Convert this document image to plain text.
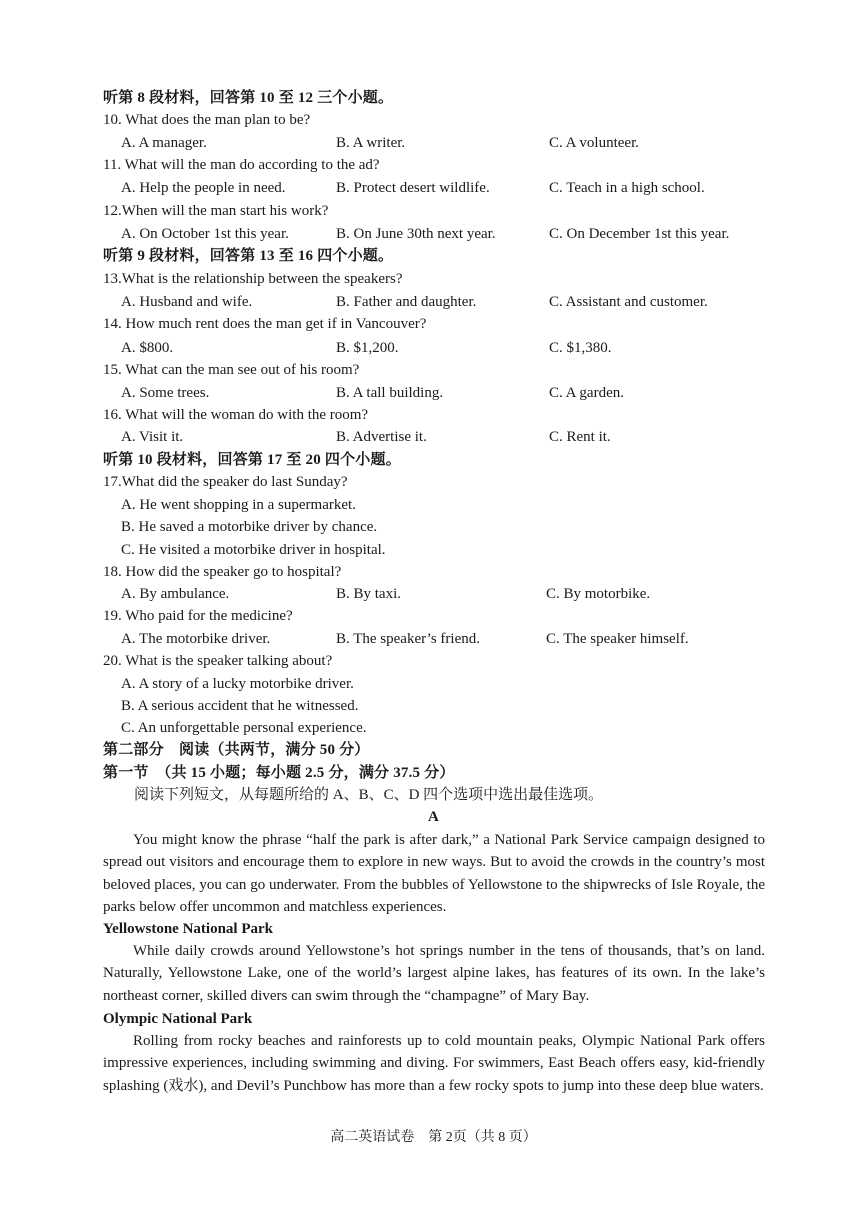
听第 8 段材料，回答第 10 至 12 三个小题。
10. What does the man plan to be?
A. A manager.	B. A writer.	C. A volunteer.
11. What will the man do according to the ad?
A. Help the people in need.	B. Protect desert wildlife.	C. Teach in a high school.
12.When will the man start his work?
A. On October 1st this year.	B. On June 30th next year.	C. On December 1st this year.
听第 9 段材料，回答第 13 至 16 四个小题。
13.What is the relationship between the speakers?
A. Husband and wife.	B. Father and daughter.	C. Assistant and customer.
14. How much rent does the man get if in Vancouver?
A. $800.	B. $1,200.	C. $1,380.
15. What can the man see out of his room?
A. Some trees.	B. A tall building.	C. A garden.
16. What will the woman do with the room?
A. Visit it.	B. Advertise it.	C. Rent it.
听第 10 段材料，回答第 17 至 20 四个小题。
17.What did the speaker do last Sunday?
A. He went shopping in a supermarket.
B. He saved a motorbike driver by chance.
C. He visited a motorbike driver in hospital.
18. How did the speaker go to hospital?
A. By ambulance.	B. By taxi.	C. By motorbike.
19. Who paid for the medicine?
A. The motorbike driver.	B. The speaker’s friend.	C. The speaker himself.
20. What is the speaker talking about?
A. A story of a lucky motorbike driver.
B. A serious accident that he witnessed.
C. An unforgettable personal experience.
第二部分　阅读（共两节，满分 50 分）
第一节　（共 15 小题；每小题 2.5 分，满分 37.5 分）
阅读下列短文，从每题所给的 A、B、C、D 四个选项中选出最佳选项。
A
You might know the phrase “half the park is after dark,” a National Park Service campaign designed to spread out visitors and encourage them to explore in new ways. But to avoid the crowds in the country’s most beloved places, you can go underwater. From the bubbles of Yellowstone to the shipwrecks of Isle Royale, the parks below offer uncommon and matchless experiences.
Yellowstone National Park
While daily crowds around Yellowstone’s hot springs number in the tens of thousands, that’s on land. Naturally, Yellowstone Lake, one of the world’s largest alpine lakes, has features of its own. In the lake’s northeast corner, skilled divers can swim through the “champagne” of Mary Bay.
Olympic National Park
Rolling from rocky beaches and rainforests up to cold mountain peaks, Olympic National Park offers impressive experiences, including swimming and diving. For swimmers, East Beach offers easy, kid-friendly splashing (戏水), and Devil’s Punchbow has more than a few rocky spots to jump into these deep blue waters.
高二英语试卷　第 2页（共 8 页）
